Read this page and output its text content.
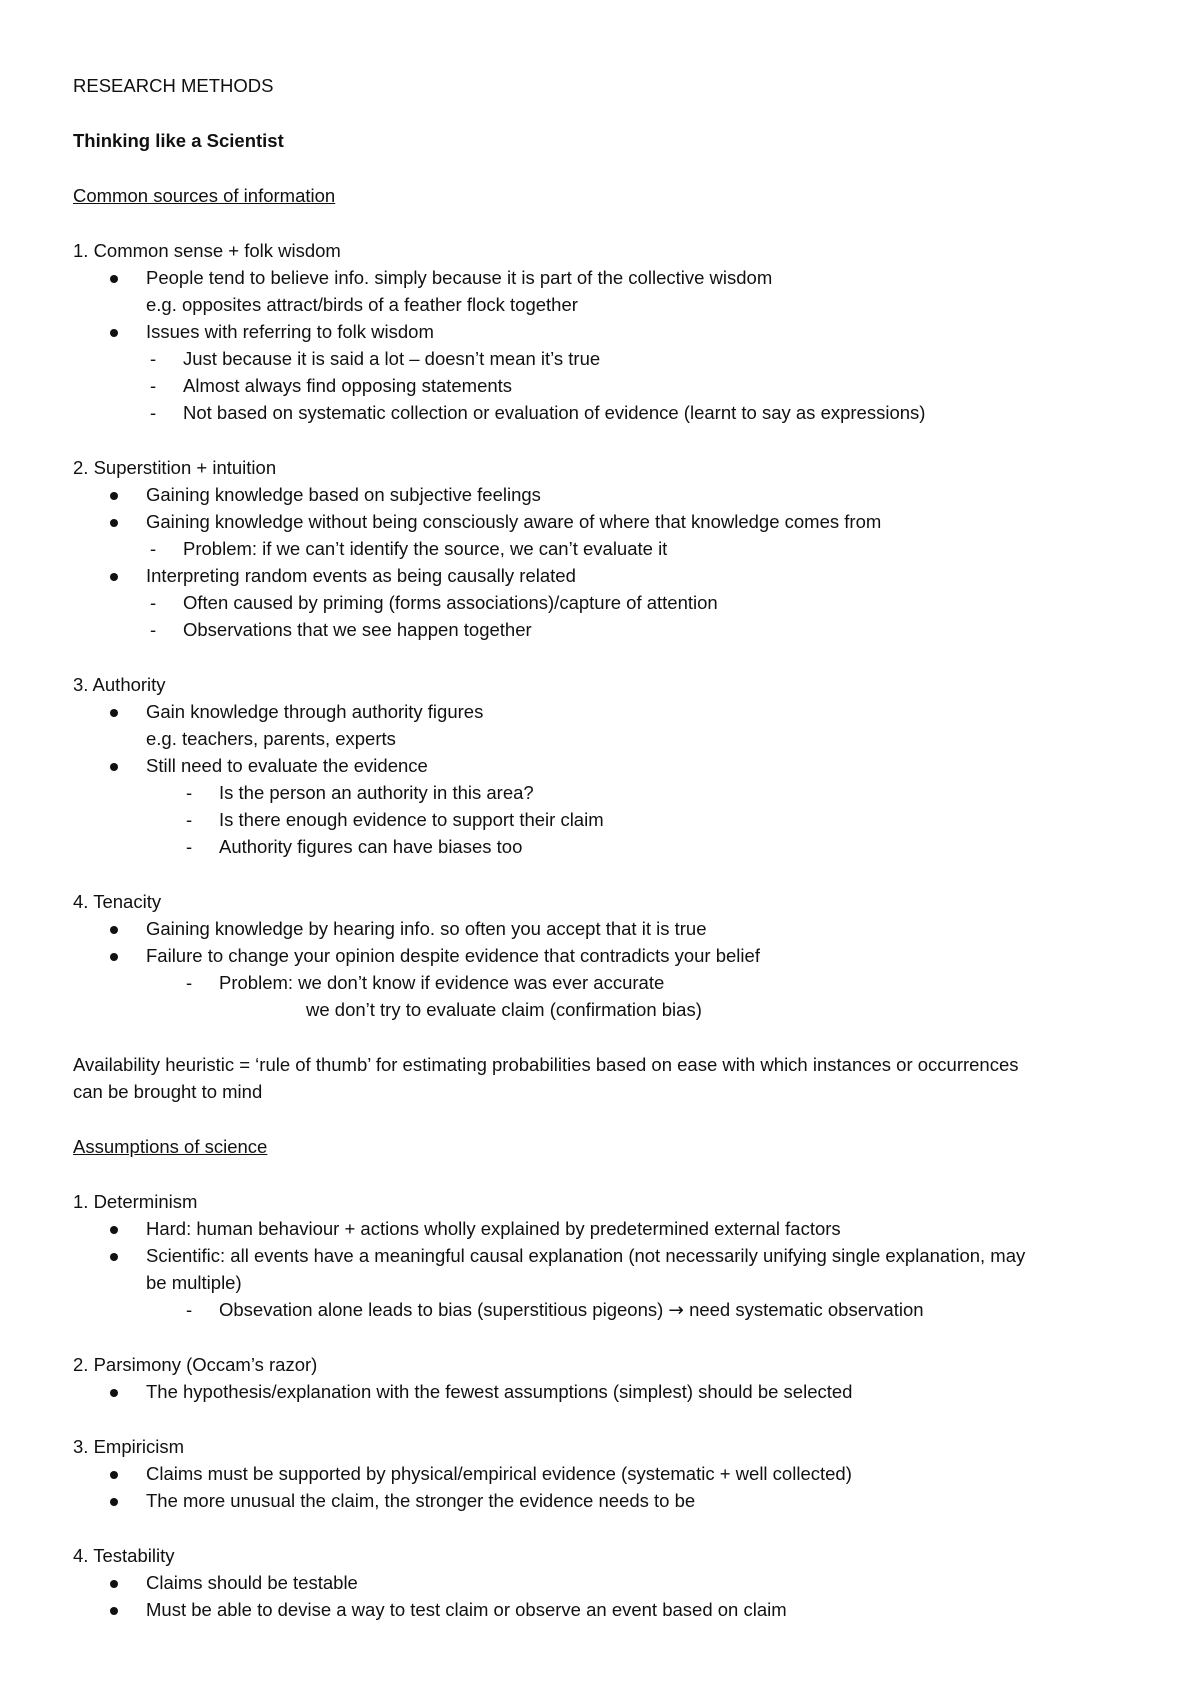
RESEARCH METHODS
Thinking like a Scientist
Common sources of information
1. Common sense + folk wisdom
People tend to believe info. simply because it is part of the collective wisdom
e.g. opposites attract/birds of a feather flock together
Issues with referring to folk wisdom
- Just because it is said a lot – doesn’t mean it’s true
- Almost always find opposing statements
- Not based on systematic collection or evaluation of evidence (learnt to say as expressions)
2. Superstition + intuition
Gaining knowledge based on subjective feelings
Gaining knowledge without being consciously aware of where that knowledge comes from
- Problem: if we can’t identify the source, we can’t evaluate it
Interpreting random events as being causally related
- Often caused by priming (forms associations)/capture of attention
- Observations that we see happen together
3. Authority
Gain knowledge through authority figures
e.g. teachers, parents, experts
Still need to evaluate the evidence
- Is the person an authority in this area?
- Is there enough evidence to support their claim
- Authority figures can have biases too
4. Tenacity
Gaining knowledge by hearing info. so often you accept that it is true
Failure to change your opinion despite evidence that contradicts your belief
- Problem: we don’t know if evidence was ever accurate
we don’t try to evaluate claim (confirmation bias)
Availability heuristic = ‘rule of thumb’ for estimating probabilities based on ease with which instances or occurrences
can be brought to mind
Assumptions of science
1. Determinism
Hard: human behaviour + actions wholly explained by predetermined external factors
Scientific: all events have a meaningful causal explanation (not necessarily unifying single explanation, may
be multiple)
- Obsevation alone leads to bias (superstitious pigeons) → need systematic observation
2. Parsimony (Occam’s razor)
The hypothesis/explanation with the fewest assumptions (simplest) should be selected
3. Empiricism
Claims must be supported by physical/empirical evidence (systematic + well collected)
The more unusual the claim, the stronger the evidence needs to be
4. Testability
Claims should be testable
Must be able to devise a way to test claim or observe an event based on claim
